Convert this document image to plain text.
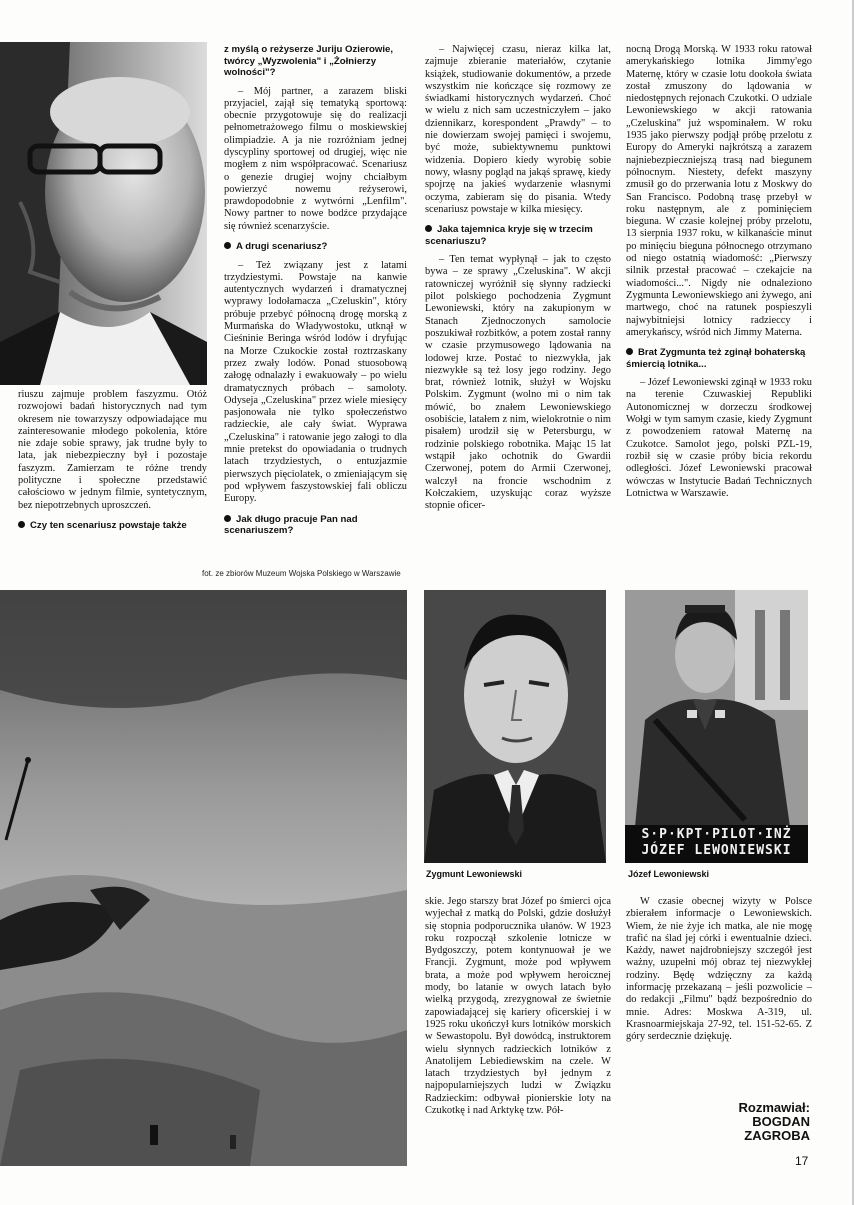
riuszu zajmuje problem faszyzmu. Otóż rozwojowi badań historycznych nad tym okresem nie towarzyszy odpowiadające mu zainteresowanie młodego pokolenia, które nie zdaje sobie sprawy, jak trudne były to lata, jak niebezpieczny był i pozostaje faszyzm. Zamierzam te różne trendy polityczne i społeczne przedstawić całościowo w jednym filmie, syntetycznym, bez niepotrzebnych uproszczeń.

Czy ten scenariusz powstaje także

z myślą o reżyserze Juriju Ozierowie, twórcy „Wyzwolenia" i „Żołnierzy wolności"?

– Mój partner, a zarazem bliski przyjaciel, zajął się tematyką sportową: obecnie przygotowuje się do realizacji pełnometrażowego filmu o moskiewskiej olimpiadzie. A ja nie rozróżniam jednej dyscypliny sportowej od drugiej, więc nie mogłem z nim współpracować. Scenariusz o genezie drugiej wojny chciałbym powierzyć nowemu reżyserowi, prawdopodobnie z wytwórni „Lenfilm". Nowy partner to nowe bodźce przydające się również scenarzyście.

A drugi scenariusz?

– Też związany jest z latami trzydziestymi. Powstaje na kanwie autentycznych wydarzeń i dramatycznej wyprawy lodołamacza „Czeluskin", który próbuje przebyć północną drogę morską z Murmańska do Władywostoku, utknął w Cieśninie Beringa wśród lodów i dryfując na Morze Czukockie został roztrzaskany przez zwały lodów. Ponad stuosobową załogę odnalazły i ewakuowały – po wielu dramatycznych próbach – samoloty. Odyseja „Czeluskina" przez wiele miesięcy pasjonowała nie tylko społeczeństwo radzieckie, ale cały świat. Wyprawa „Czeluskina" i ratowanie jego załogi to dla mnie pretekst do opowiadania o trudnych latach trzydziestych, o entuzjazmie pierwszych pięciolatek, o zmieniającym się pod wpływem faszystowskiej fali obliczu Europy.

Jak długo pracuje Pan nad scenariuszem?

– Najwięcej czasu, nieraz kilka lat, zajmuje zbieranie materiałów, czytanie książek, studiowanie dokumentów, a przede wszystkim nie kończące się rozmowy ze świadkami historycznych wydarzeń. Choć w wielu z nich sam uczestniczyłem – jako dziennikarz, korespondent „Prawdy" – to nie dowierzam swojej pamięci i swojemu, być może, subiektywnemu punktowi widzenia. Dopiero kiedy wyrobię sobie nowy, własny pogląd na jakąś sprawę, kiedy spojrzę na jakieś wydarzenie własnymi oczyma, zabieram się do pisania. Wtedy scenariusz powstaje w kilka miesięcy.

Jaka tajemnica kryje się w trzecim scenariuszu?

– Ten temat wypłynął – jak to często bywa – ze sprawy „Czeluskina". W akcji ratowniczej wyróżnił się słynny radziecki pilot polskiego pochodzenia Zygmunt Lewoniewski, który na zakupionym w Stanach Zjednoczonych samolocie poszukiwał rozbitków, a potem został ranny w czasie przymusowego lądowania na lodowej krze. Postać to niezwykła, jak niezwykłe są też losy jego rodziny. Jego brat, również lotnik, służył w Wojsku Polskim. Zygmunt (wolno mi o nim tak mówić, bo znałem Lewoniewskiego osobiście, latałem z nim, wielokrotnie o nim pisałem) urodził się w Petersburgu, w rodzinie polskiego robotnika. Mając 15 lat wstąpił jako ochotnik do Gwardii Czerwonej, potem do Armii Czerwonej, walczył na froncie wschodnim z Kołczakiem, uzyskując coraz wyższe stopnie oficer-

nocną Drogą Morską. W 1933 roku ratował amerykańskiego lotnika Jimmy'ego Maternę, który w czasie lotu dookoła świata został zmuszony do lądowania w niedostępnych rejonach Czukotki. O udziale Lewoniewskiego w akcji ratowania „Czeluskina" już wspominałem. W roku 1935 jako pierwszy podjął próbę przelotu z Europy do Ameryki najkrótszą a zarazem najniebezpieczniejszą trasą nad biegunem północnym. Niestety, defekt maszyny zmusił go do przerwania lotu z Moskwy do San Francisco. Podobną trasę przebył w roku następnym, ale z pominięciem bieguna. W czasie kolejnej próby przelotu, 13 sierpnia 1937 roku, w kilkanaście minut po minięciu bieguna północnego otrzymano od niego ostatnią wiadomość: „Pierwszy silnik przestał pracować – czekajcie na wiadomości...". Nigdy nie odnaleziono Zygmunta Lewoniewskiego ani żywego, ani martwego, choć na ratunek pospieszyli najwybitniejsi lotnicy radzieccy i amerykańscy, wśród nich Jimmy Materna.

Brat Zygmunta też zginął bohaterską śmiercią lotnika...

– Józef Lewoniewski zginął w 1933 roku na terenie Czuwaskiej Republiki Autonomicznej w dorzeczu środkowej Wołgi w tym samym czasie, kiedy Zygmunt z powodzeniem ratował Maternę na Czukotce. Samolot jego, polski PZL-19, rozbił się w czasie próby bicia rekordu odległości. Józef Lewoniewski pracował wówczas w Instytucie Badań Technicznych Lotnictwa w Warszawie.

fot. ze zbiorów Muzeum Wojska Polskiego w Warszawie
Zygmunt Lewoniewski
S·P·KPT·PILOT·INŻ
JÓZEF LEWONIEWSKI
Józef Lewoniewski

skie. Jego starszy brat Józef po śmierci ojca wyjechał z matką do Polski, gdzie dosłużył się stopnia podporucznika ułanów. W 1923 roku rozpoczął szkolenie lotnicze w Bydgoszczy, potem kontynuował je we Francji. Zygmunt, może pod wpływem brata, a może pod wpływem heroicznej mody, bo latanie w owych latach było wielką przygodą, zrezygnował ze świetnie zapowiadającej się kariery oficerskiej i w 1925 roku ukończył kurs lotników morskich w Sewastopolu. Był dowódcą, instruktorem wielu słynnych radzieckich lotników z Anatolijem Lebiediewskim na czele. W latach trzydziestych był jednym z najpopularniejszych ludzi w Związku Radzieckim: odbywał pionierskie loty na Czukotkę i nad Arktykę tzw. Pół-

W czasie obecnej wizyty w Polsce zbierałem informacje o Lewoniewskich. Wiem, że nie żyje ich matka, ale nie mogę trafić na ślad jej córki i ewentualnie dzieci. Każdy, nawet najdrobniejszy szczegół jest ważny, uzupełni mój obraz tej niezwykłej rodziny. Będę wdzięczny za każdą informację przekazaną – jeśli pozwolicie – do redakcji „Filmu" bądź bezpośrednio do mnie. Adres: Moskwa A-319, ul. Krasnoarmiejskaja 27-92, tel. 151-52-65. Z góry serdecznie dziękuję.

Rozmawiał:
BOGDAN
ZAGROBA
17
